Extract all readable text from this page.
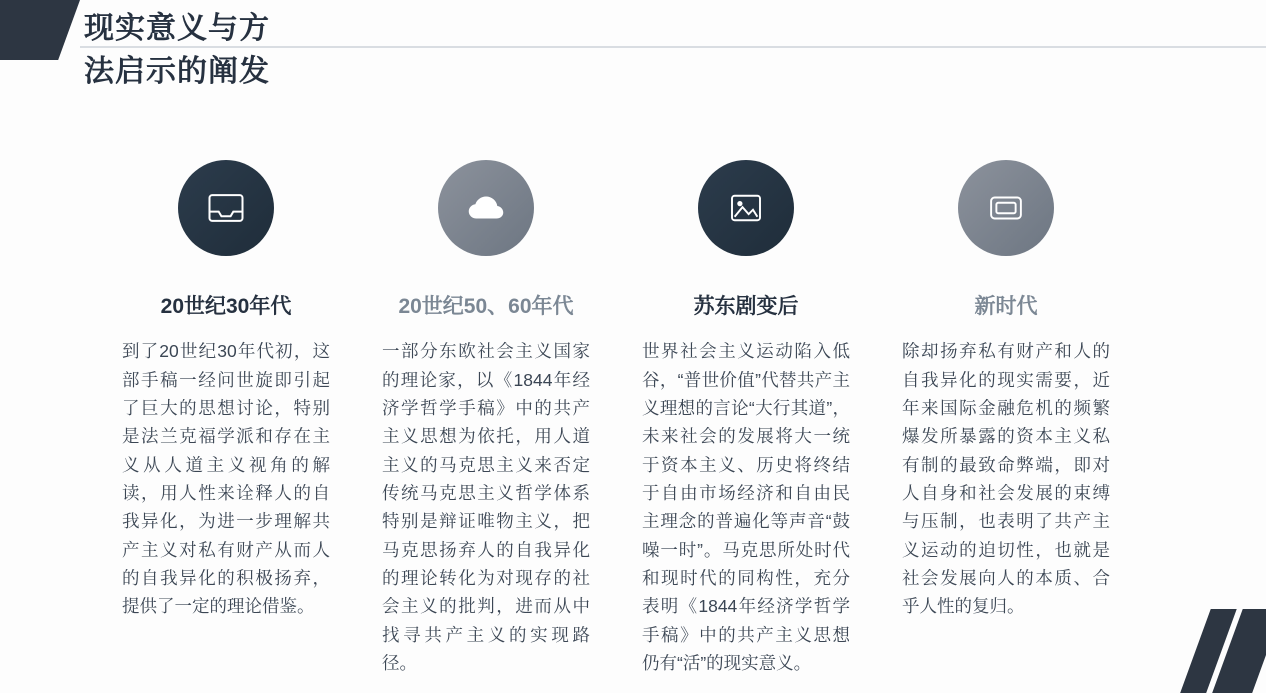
现实意义与方
法启示的阐发
20世纪30年代
到了20世纪30年代初，这部手稿一经问世旋即引起了巨大的思想讨论，特别是法兰克福学派和存在主义从人道主义视角的解读，用人性来诠释人的自我异化，为进一步理解共产主义对私有财产从而人的自我异化的积极扬弃，提供了一定的理论借鉴。
20世纪50、60年代
一部分东欧社会主义国家的理论家，以《1844年经济学哲学手稿》中的共产主义思想为依托，用人道主义的马克思主义来否定传统马克思主义哲学体系特别是辩证唯物主义，把马克思扬弃人的自我异化的理论转化为对现存的社会主义的批判，进而从中找寻共产主义的实现路径。
苏东剧变后
世界社会主义运动陷入低谷，“普世价值”代替共产主义理想的言论“大行其道”，未来社会的发展将大一统于资本主义、历史将终结于自由市场经济和自由民主理念的普遍化等声音“鼓噪一时”。马克思所处时代和现时代的同构性，充分表明《1844年经济学哲学手稿》中的共产主义思想仍有“活”的现实意义。
新时代
除却扬弃私有财产和人的自我异化的现实需要，近年来国际金融危机的频繁爆发所暴露的资本主义私有制的最致命弊端，即对人自身和社会发展的束缚与压制，也表明了共产主义运动的迫切性，也就是社会发展向人的本质、合乎人性的复归。
